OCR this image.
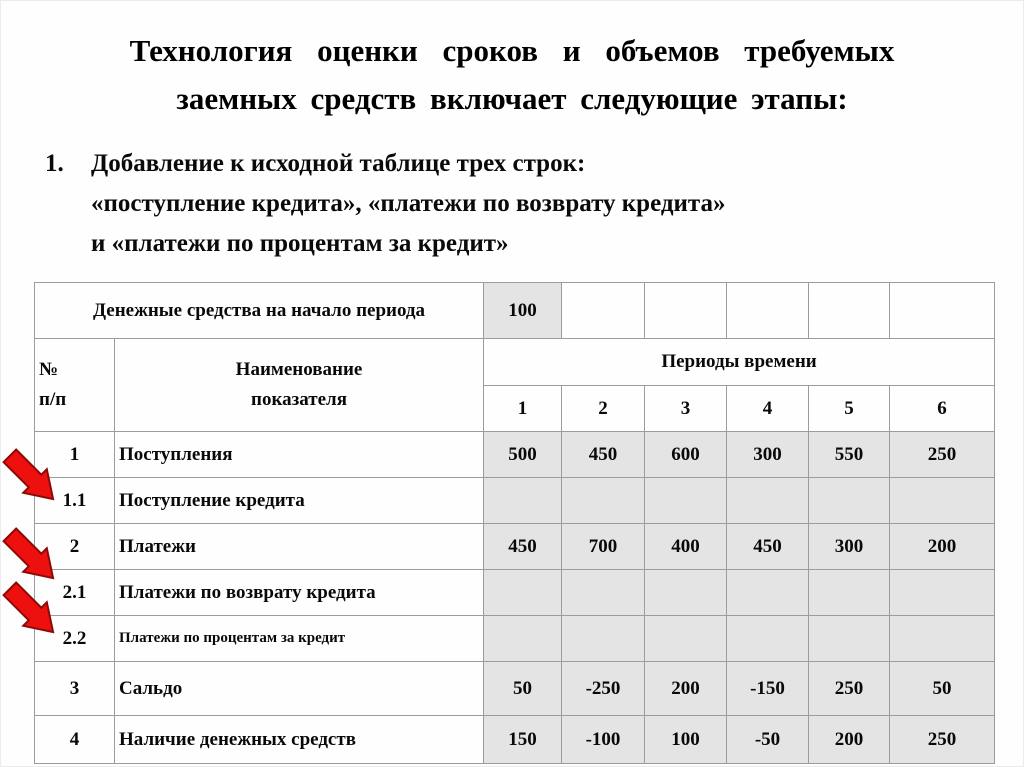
Технология оценки сроков и объемов требуемых
заемных средств включает следующие этапы:
1.	Добавление к исходной таблице трех строк:
«поступление кредита», «платежи по возврату кредита»
и «платежи по процентам за кредит»
Денежные средства на начало периода		100					

№
п/п

Наименование
показателя
	Периоды времени
		1	2	3	4	5	6
1	Поступления	500	450	600	300	550	250
1.1	Поступление кредита						
2	Платежи	450	700	400	450	300	200
2.1	Платежи по возврату кредита						
2.2	Платежи по процентам за кредит						
3	Сальдо	50	-250	200	-150	250	50
4	Наличие денежных средств	150	-100	100	-50	200	250
